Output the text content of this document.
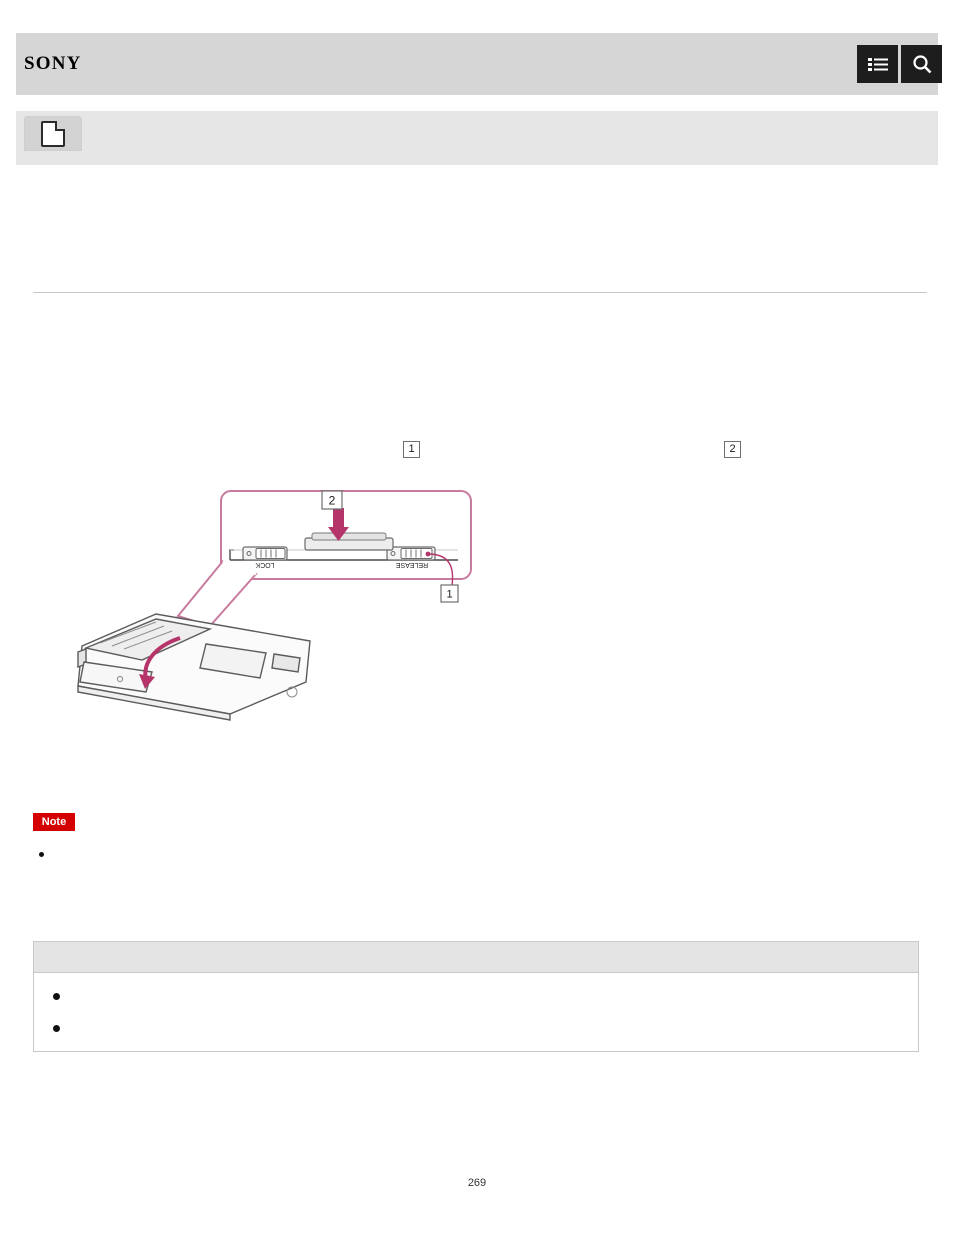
SONY
1	2
LOCK	RELEASE
1
2
Note
269
